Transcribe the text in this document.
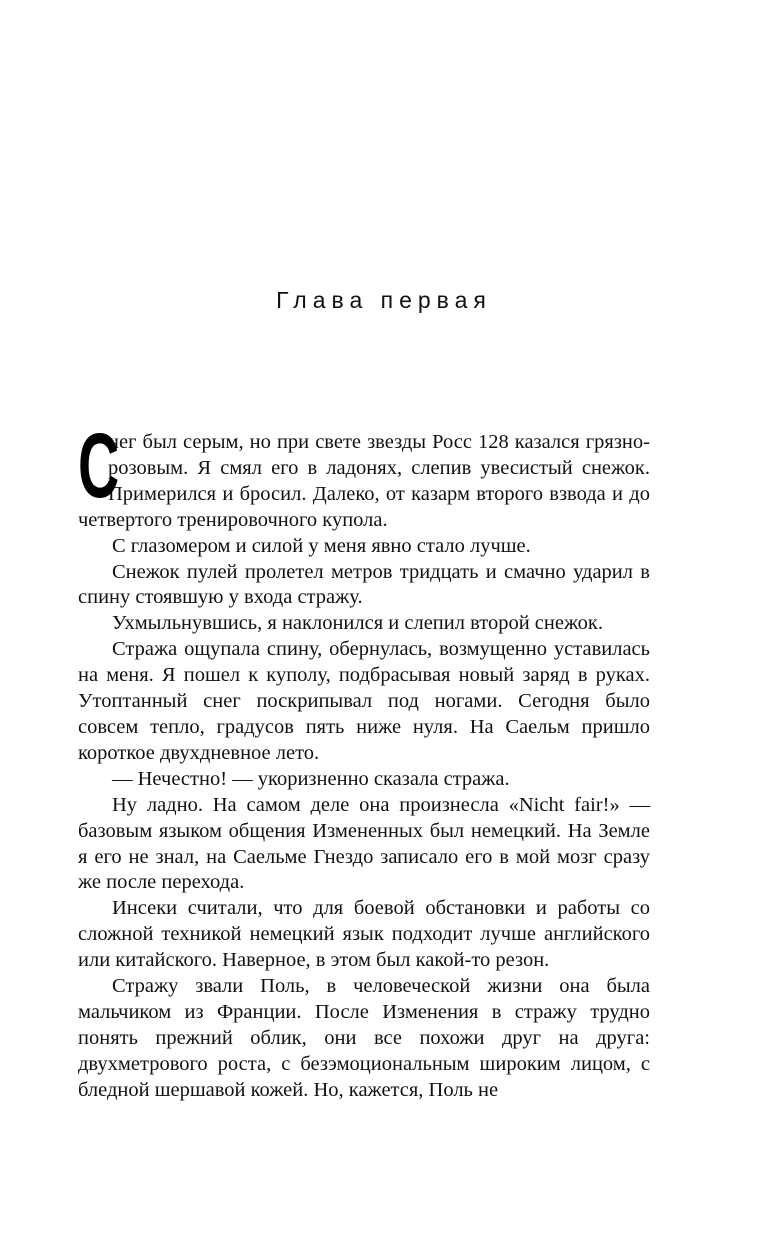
Глава первая

С
нег был серым, но при свете звезды Росс 128 казался грязно-розовым. Я смял его в ладонях, слепив увесистый снежок. Примерился и бросил. Далеко, от казарм второго взвода и до четвертого тренировочного купола.

С глазомером и силой у меня явно стало лучше.

Снежок пулей пролетел метров тридцать и смачно ударил в спину стоявшую у входа стражу.

Ухмыльнувшись, я наклонился и слепил второй снежок.

Стража ощупала спину, обернулась, возмущенно уставилась на меня. Я пошел к куполу, подбрасывая новый заряд в руках. Утоптанный снег поскрипывал под ногами. Сегодня было совсем тепло, градусов пять ниже нуля. На Саельм пришло короткое двухдневное лето.

— Нечестно! — укоризненно сказала стража.

Ну ладно. На самом деле она произнесла «Nicht fair!» — базовым языком общения Измененных был немецкий. На Земле я его не знал, на Саельме Гнездо записало его в мой мозг сразу же после перехода.

Инсеки считали, что для боевой обстановки и работы со сложной техникой немецкий язык подходит лучше английского или китайского. Наверное, в этом был какой-то резон.

Стражу звали Поль, в человеческой жизни она была мальчиком из Франции. После Изменения в стражу трудно понять прежний облик, они все похожи друг на друга: двухметрового роста, с безэмоциональным широким лицом, с бледной шершавой кожей. Но, кажется, Поль не
